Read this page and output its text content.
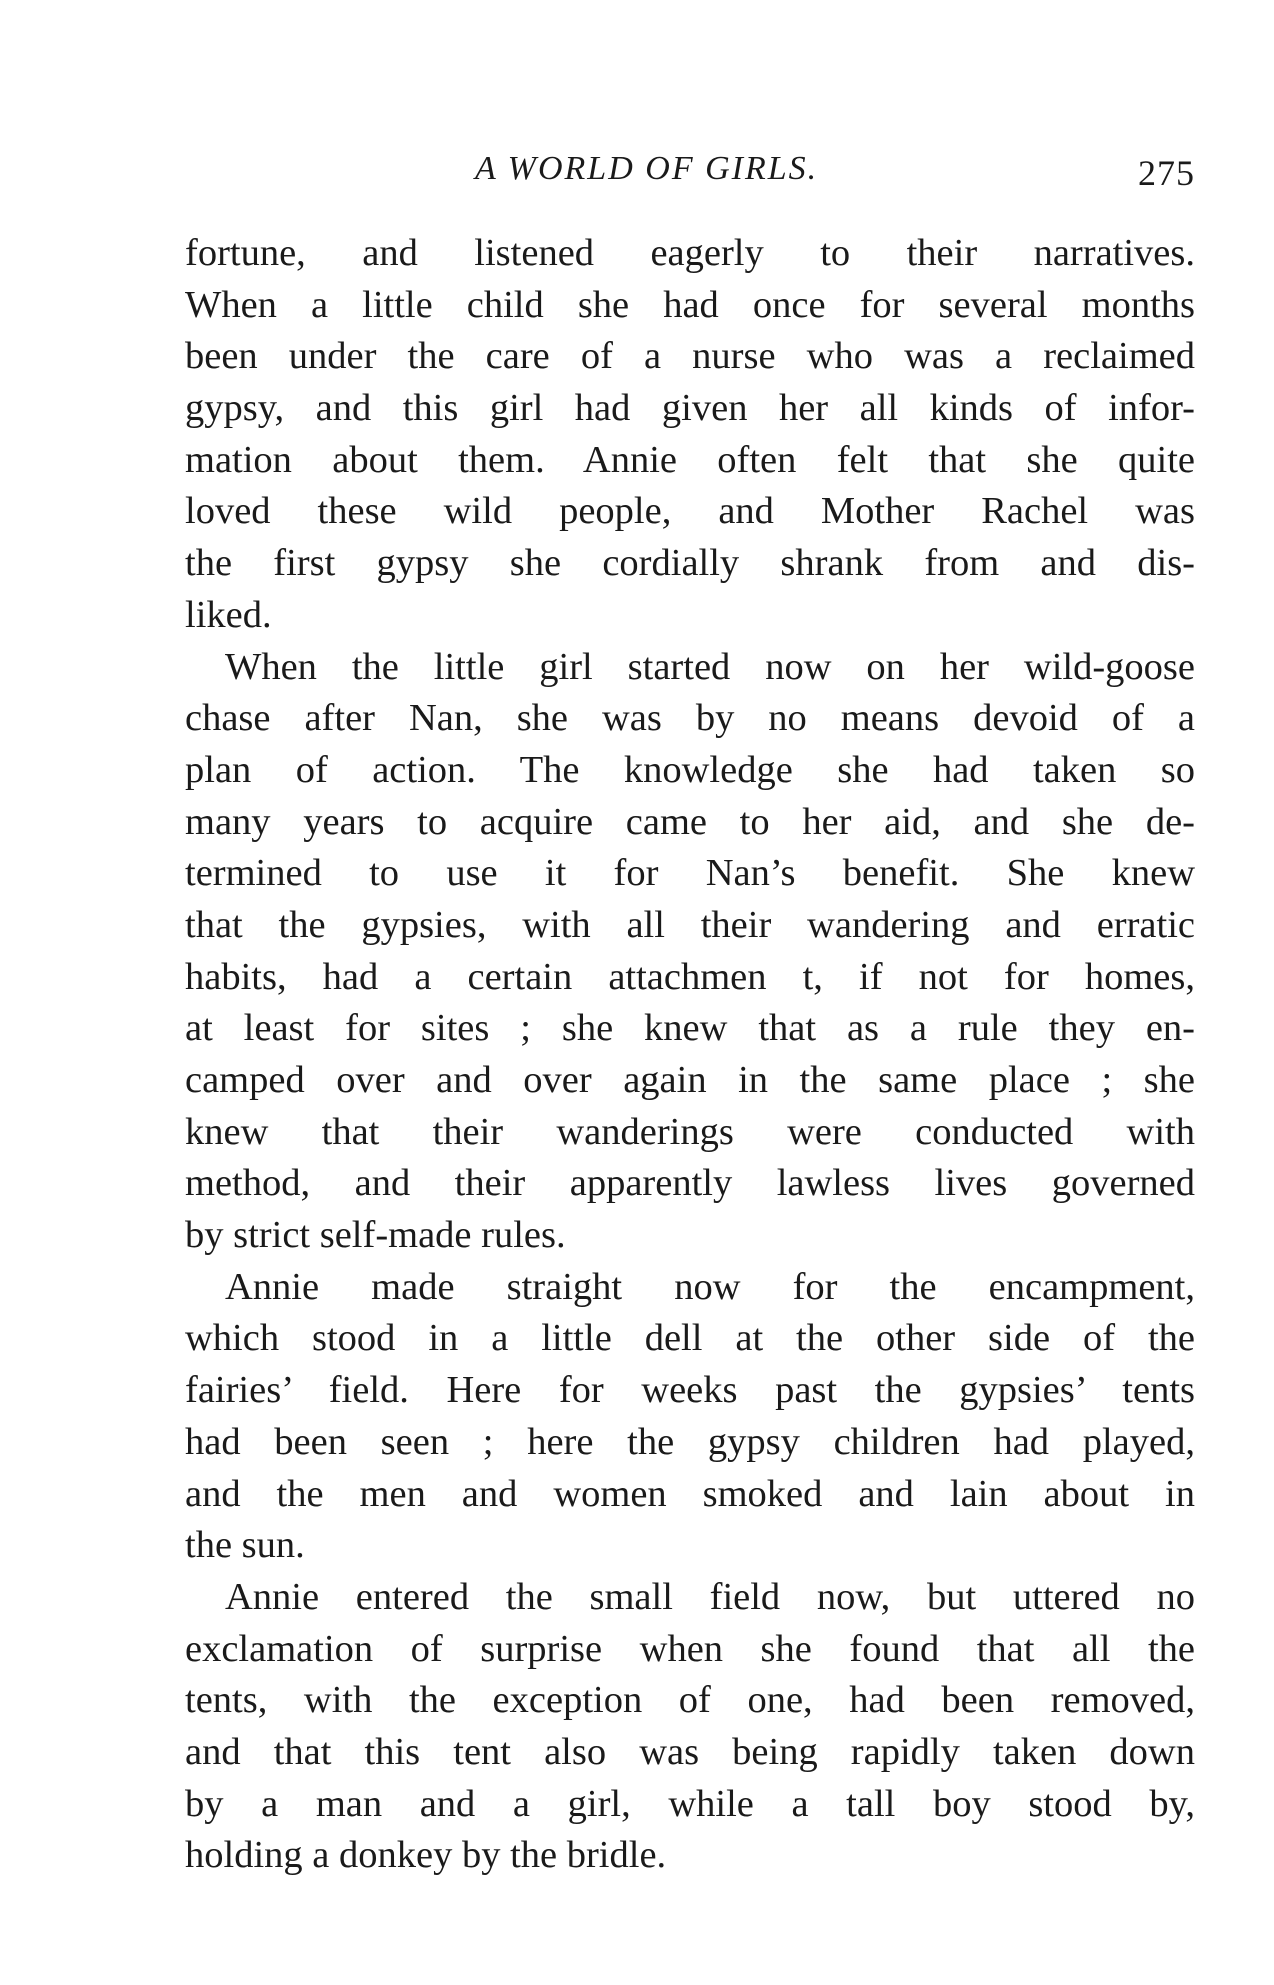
A WORLD OF GIRLS.	275
fortune, and listened eagerly to their narratives.
When a little child she had once for several months
been under the care of a nurse who was a reclaimed
gypsy, and this girl had given her all kinds of infor-
mation about them. Annie often felt that she quite
loved these wild people, and Mother Rachel was
the first gypsy she cordially shrank from and dis-
liked.
When the little girl started now on her wild-goose
chase after Nan, she was by no means devoid of a
plan of action. The knowledge she had taken so
many years to acquire came to her aid, and she de-
termined to use it for Nan’s benefit. She knew
that the gypsies, with all their wandering and erratic
habits, had a certain attachmen t, if not for homes,
at least for sites ; she knew that as a rule they en-
camped over and over again in the same place ; she
knew that their wanderings were conducted with
method, and their apparently lawless lives governed
by strict self-made rules.
Annie made straight now for the encampment,
which stood in a little dell at the other side of the
fairies’ field. Here for weeks past the gypsies’ tents
had been seen ; here the gypsy children had played,
and the men and women smoked and lain about in
the sun.
Annie entered the small field now, but uttered no
exclamation of surprise when she found that all the
tents, with the exception of one, had been removed,
and that this tent also was being rapidly taken down
by a man and a girl, while a tall boy stood by,
holding a donkey by the bridle.
